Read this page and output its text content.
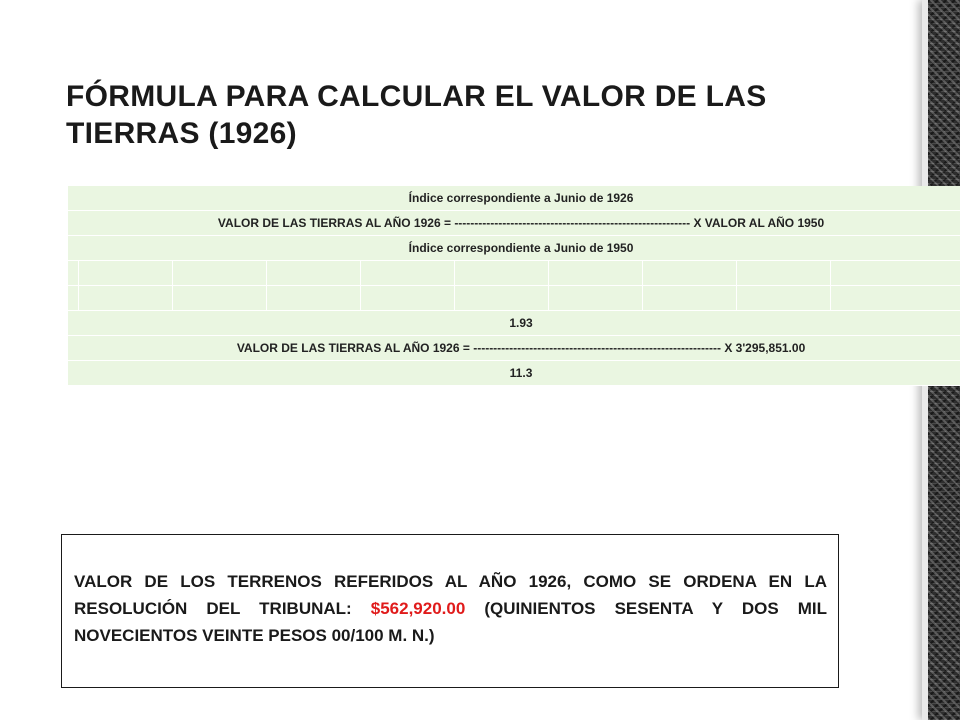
FÓRMULA PARA CALCULAR EL VALOR DE LAS TIERRAS (1926)
Índice correspondiente a Junio de 1926									
VALOR DE LAS TIERRAS AL AÑO 1926 = ----------------------------------------------------------- X VALOR AL AÑO 1950									
Índice correspondiente a Junio de 1950									

1.93									
VALOR DE LAS TIERRAS AL AÑO 1926 = -------------------------------------------------------------- X 3'295,851.00									
11.3									

VALOR DE LOS TERRENOS REFERIDOS AL AÑO 1926, COMO SE ORDENA EN LA RESOLUCIÓN DEL TRIBUNAL: $562,920.00 (QUINIENTOS SESENTA Y DOS MIL NOVECIENTOS VEINTE PESOS 00/100 M. N.)
